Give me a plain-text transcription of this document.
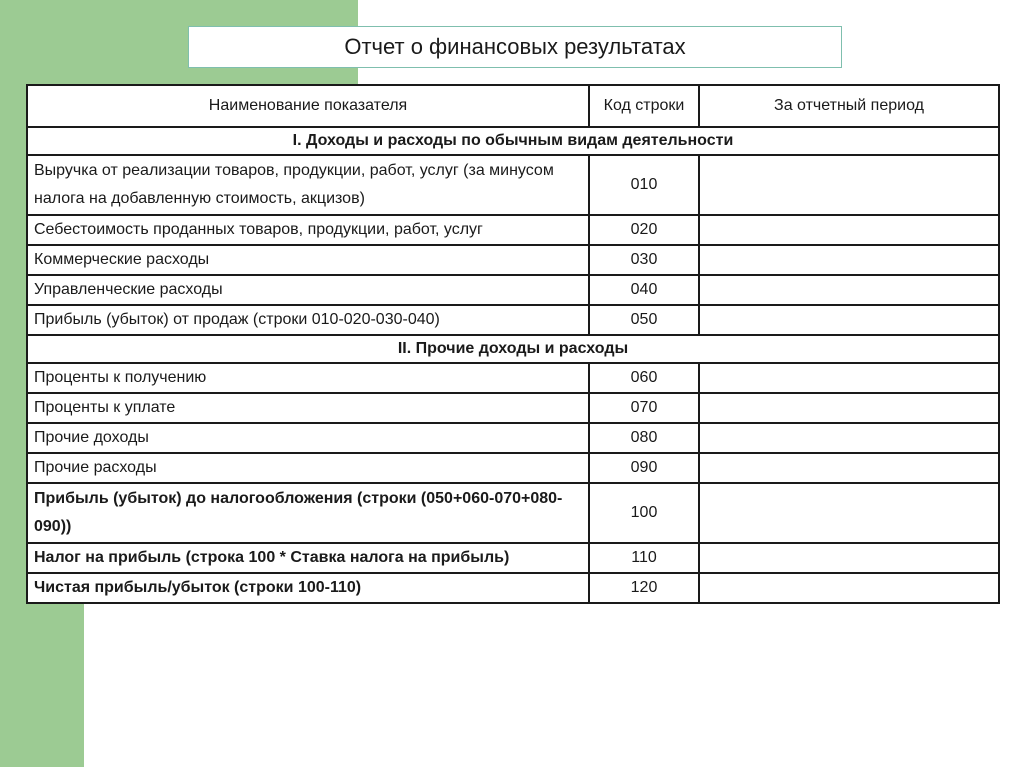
Отчет о финансовых результатах
Наименование показателя	Код строки	За отчетный период
I. Доходы и расходы по обычным видам деятельности		
Выручка от реализации товаров, продукции, работ, услуг (за минусом налога на добавленную стоимость, акцизов)	010	
Себестоимость проданных товаров, продукции, работ, услуг	020	
Коммерческие расходы	030	
Управленческие расходы	040	
Прибыль (убыток) от продаж (строки 010-020-030-040)	050	
II. Прочие доходы и расходы		
Проценты к получению	060	
Проценты к уплате	070	
Прочие доходы	080	
Прочие расходы	090	
Прибыль (убыток) до налогообложения (строки (050+060-070+080-090))	100	
Налог на прибыль (строка 100 * Ставка налога на прибыль)	110	
Чистая прибыль/убыток (строки 100-110)	120	
